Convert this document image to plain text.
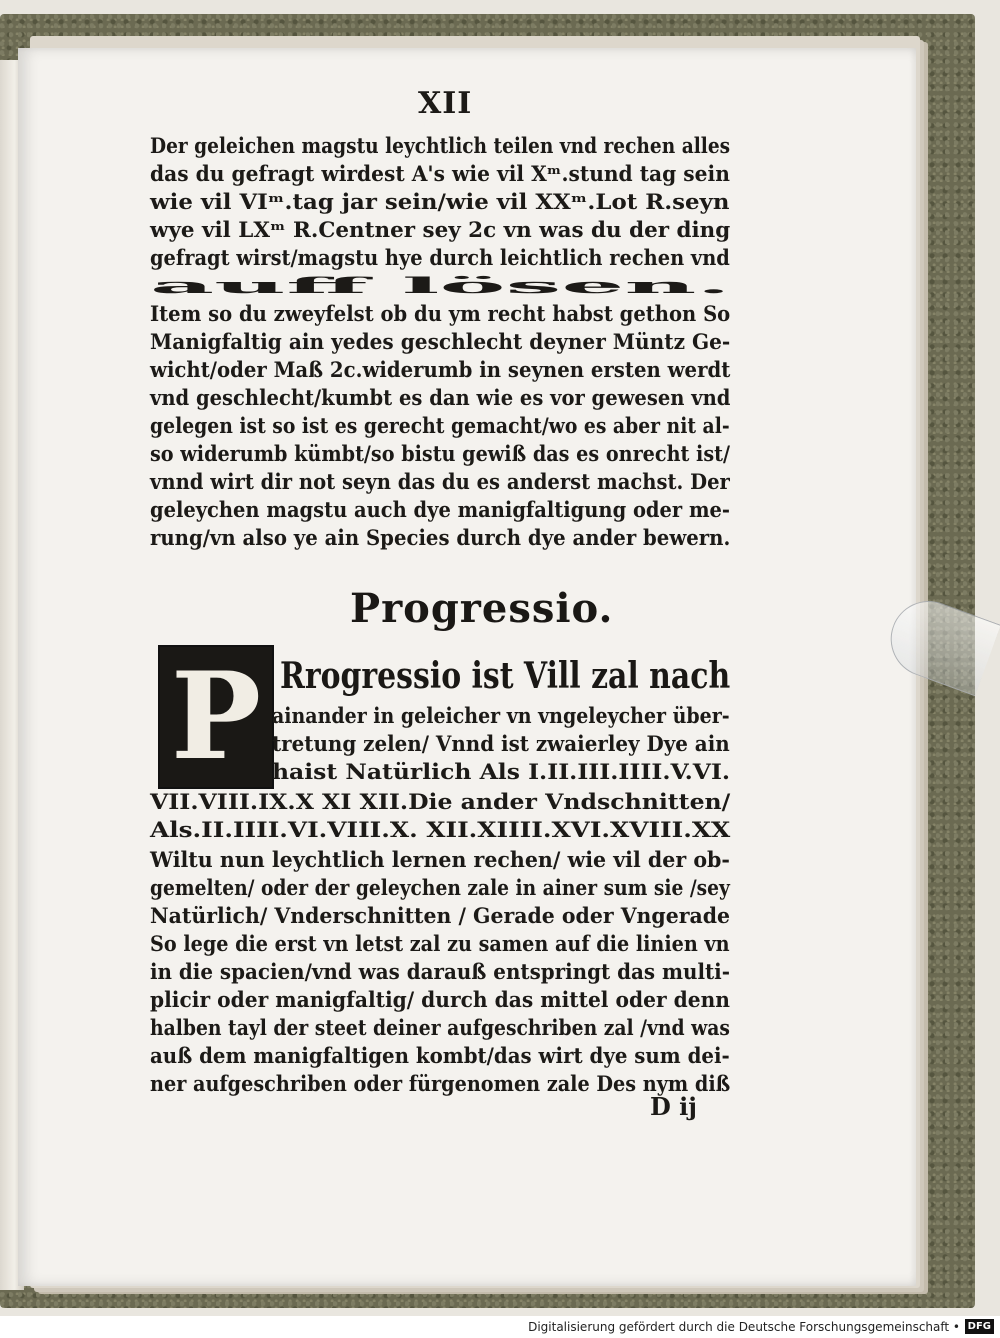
XII
Der geleichen magstu leychtlich teilen vnd rechen alles
das du gefragt wirdest A's wie vil Xᵐ.stund tag sein
wie vil VIᵐ.tag jar sein/wie vil XXᵐ.Lot R.seyn
wye vil LXᵐ R.Centner sey 2c vn was du der ding
gefragt wirst/magstu hye durch leichtlich rechen vnd
auff lösen.
Item so du zweyfelst ob du ym recht habst gethon So
Manigfaltig ain yedes geschlecht deyner Müntz Ge-
wicht/oder Maß 2c.widerumb in seynen ersten werdt
vnd geschlecht/kumbt es dan wie es vor gewesen vnd
gelegen ist so ist es gerecht gemacht/wo es aber nit al-
so widerumb kümbt/so bistu gewiß das es onrecht ist/
vnnd wirt dir not seyn das du es anderst machst. Der
geleychen magstu auch dye manigfaltigung oder me-
rung/vn also ye ain Species durch dye ander bewern.
Progressio.
P Rrogressio ist Vill zal nach
ainander in geleicher vn vngeleycher über-
tretung zelen/ Vnnd ist zwaierley Dye ain
haist Natürlich Als I.II.III.IIII.V.VI.
VII.VIII.IX.X XI XII.Die ander Vndschnitten/
Als.II.IIII.VI.VIII.X. XII.XIIII.XVI.XVIII.XX
Wiltu nun leychtlich lernen rechen/ wie vil der ob-
gemelten/ oder der geleychen zale in ainer sum sie /sey
Natürlich/ Vnderschnitten / Gerade oder Vngerade
So lege die erst vn letst zal zu samen auf die linien vn
in die spacien/vnd was darauß entspringt das multi-
plicir oder manigfaltig/ durch das mittel oder denn
halben tayl der steet deiner aufgeschriben zal /vnd was
auß dem manigfaltigen kombt/das wirt dye sum dei-
ner aufgeschriben oder fürgenomen zale Des nym diß
D ij
Digitalisierung gefördert durch die Deutsche Forschungsgemeinschaft • DFG
